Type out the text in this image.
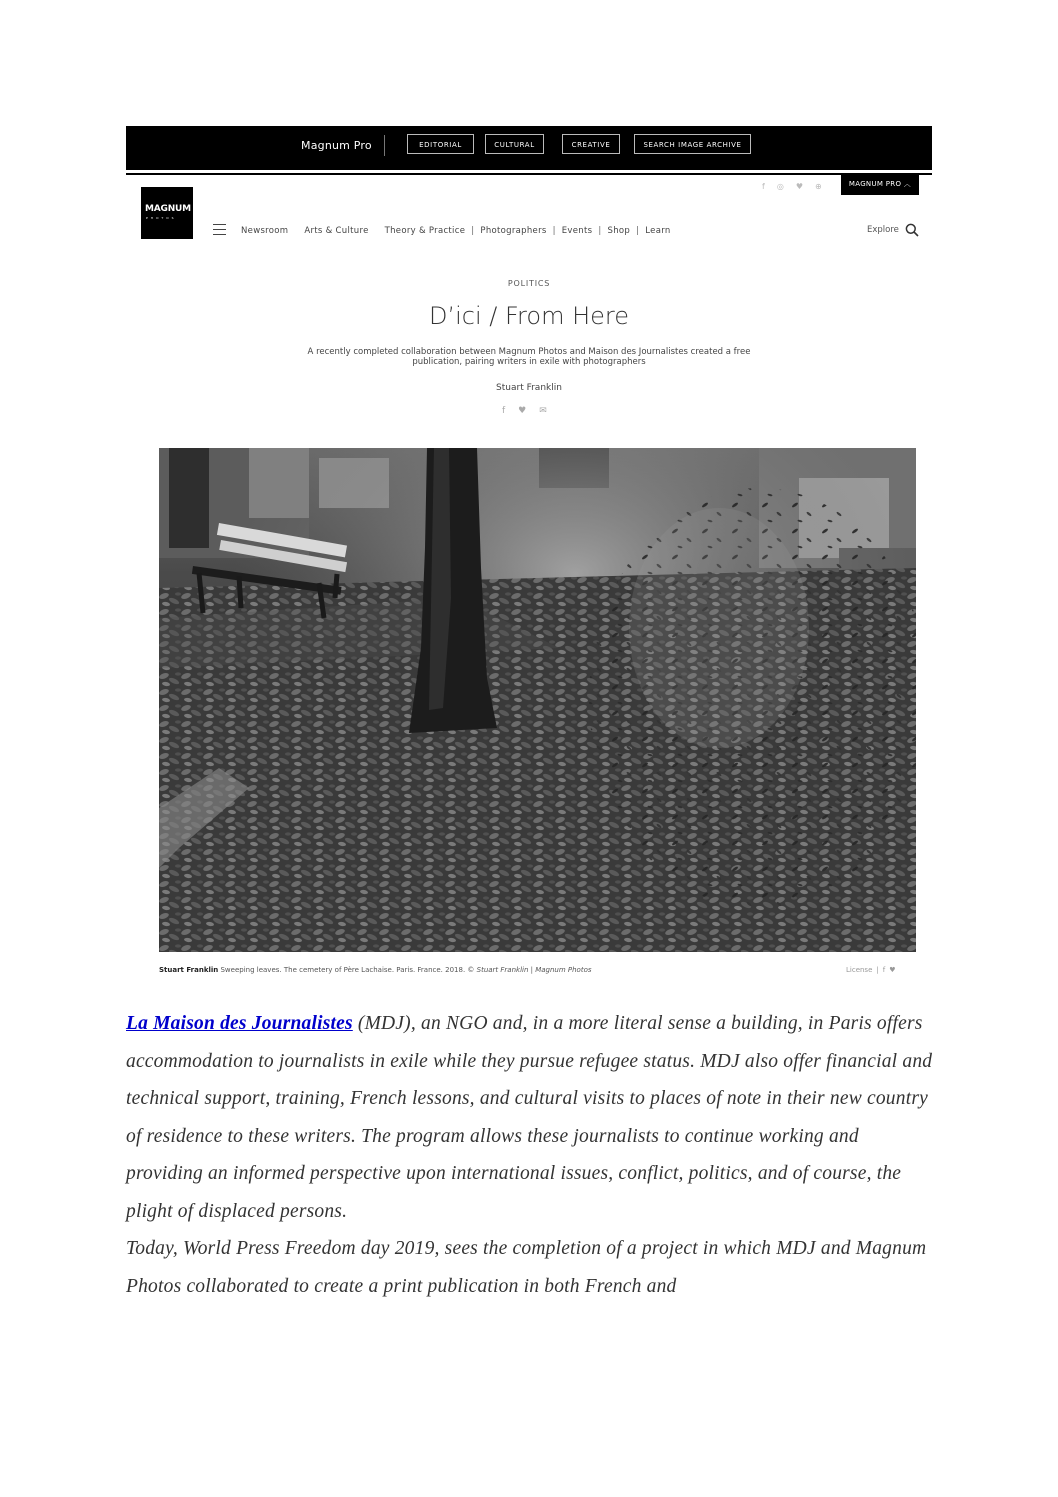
Magnum Pro	EDITORIAL	CULTURAL	CREATIVE	SEARCH IMAGE ARCHIVE
f ◎ ♥ ⊕	MAGNUM PRO ︿
MAGNUM
PHOTOS
Newsroom Arts & Culture Theory & Practice | Photographers | Events | Shop | Learn	Explore
POLITICS
D’ici / From Here
A recently completed collaboration between Magnum Photos and Maison des Journalistes created a free publication, pairing writers in exile with photographers
Stuart Franklin
f ♥ ✉
Stuart Franklin Sweeping leaves. The cemetery of Père Lachaise. Paris. France. 2018. © Stuart Franklin | Magnum Photos	License | f ♥

La Maison des Journalistes (MDJ), an NGO and, in a more literal sense a building, in Paris offers accommodation to journalists in exile while they pursue refugee status. MDJ also offer financial and technical support, training, French lessons, and cultural visits to places of note in their new country of residence to these writers. The program allows these journalists to continue working and providing an informed perspective upon international issues, conflict, politics, and of course, the plight of displaced persons.

Today, World Press Freedom day 2019, sees the completion of a project in which MDJ and Magnum Photos collaborated to create a print publication in both French and
